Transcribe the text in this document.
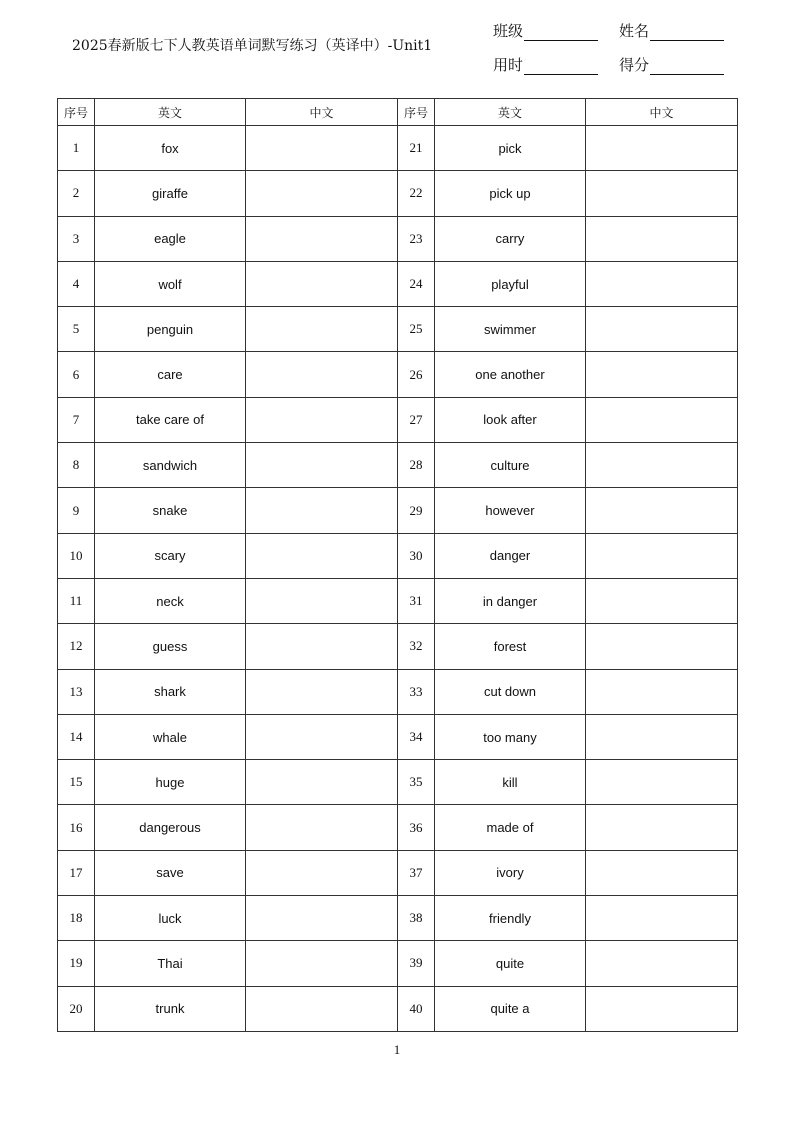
2025春新版七下人教英语单词默写练习（英译中）-Unit1
班级	姓名
用时	得分
序号	英文	中文	序号	英文	中文
1	fox		21	pick	
2	giraffe		22	pick up	
3	eagle		23	carry	
4	wolf		24	playful	
5	penguin		25	swimmer	
6	care		26	one another	
7	take care of		27	look after	
8	sandwich		28	culture	
9	snake		29	however	
10	scary		30	danger	
11	neck		31	in danger	
12	guess		32	forest	
13	shark		33	cut down	
14	whale		34	too many	
15	huge		35	kill	
16	dangerous		36	made of	
17	save		37	ivory	
18	luck		38	friendly	
19	Thai		39	quite	
20	trunk		40	quite a	
1
